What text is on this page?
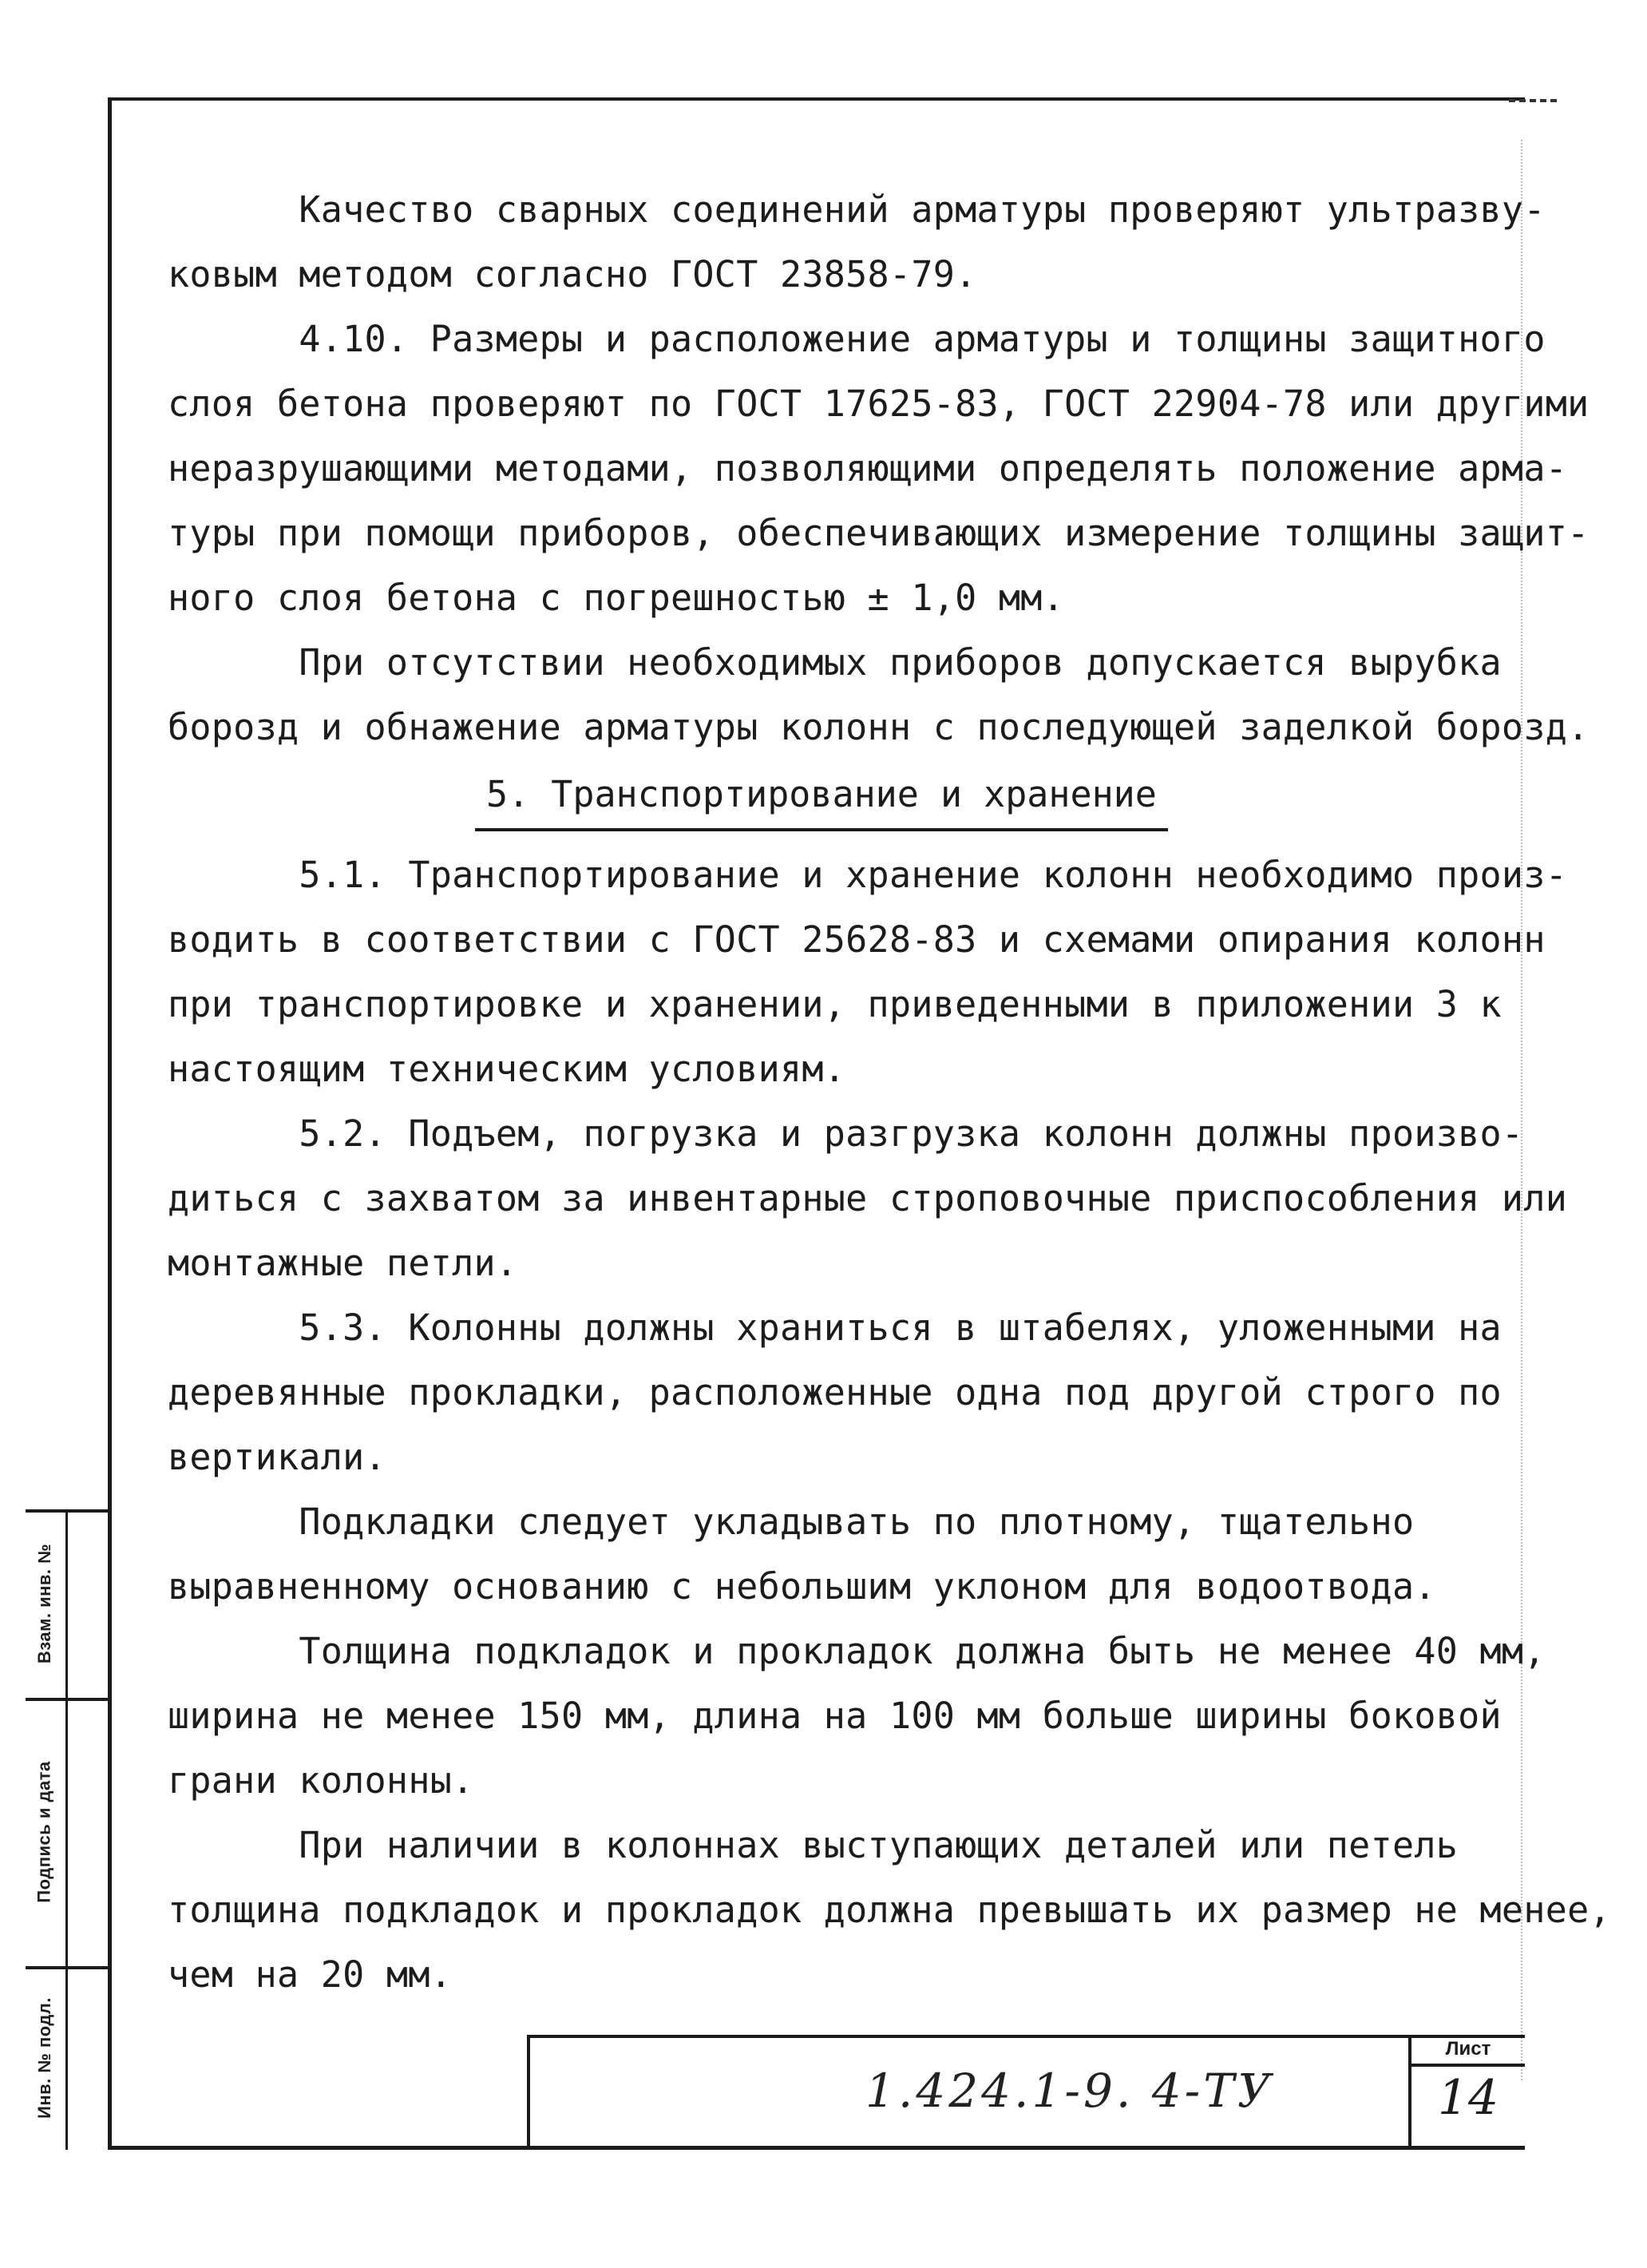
Качество сварных соединений арматуры проверяют ультразву-

ковым методом согласно ГОСТ 23858-79.

4.10. Размеры и расположение арматуры и толщины защитного

слоя бетона проверяют по ГОСТ 17625-83, ГОСТ 22904-78 или другими

неразрушающими методами, позволяющими определять положение арма-

туры при помощи приборов, обеспечивающих измерение толщины защит-

ного слоя бетона с погрешностью ± 1,0 мм.

При отсутствии необходимых приборов допускается вырубка

борозд и обнажение арматуры колонн с последующей заделкой борозд.

5. Транспортирование и хранение

5.1. Транспортирование и хранение колонн необходимо произ-

водить в соответствии с ГОСТ 25628-83 и схемами опирания колонн

при транспортировке и хранении, приведенными в приложении 3 к

настоящим техническим условиям.

5.2. Подъем, погрузка и разгрузка колонн должны произво-

диться с захватом за инвентарные строповочные приспособления или

монтажные петли.

5.3. Колонны должны храниться в штабелях, уложенными на

деревянные прокладки, расположенные одна под другой строго по

вертикали.

Подкладки следует укладывать по плотному, тщательно

выравненному основанию с небольшим уклоном для водоотвода.

Толщина подкладок и прокладок должна быть не менее 40 мм,

ширина не менее 150 мм, длина на 100 мм больше ширины боковой

грани колонны.

При наличии в колоннах выступающих деталей или петель

толщина подкладок и прокладок должна превышать их размер не менее,

чем на 20 мм.

Взам. инв. №
Подпись и дата
Инв. № подл.	1.424.1-9. 4-ТУ
Лист
14
